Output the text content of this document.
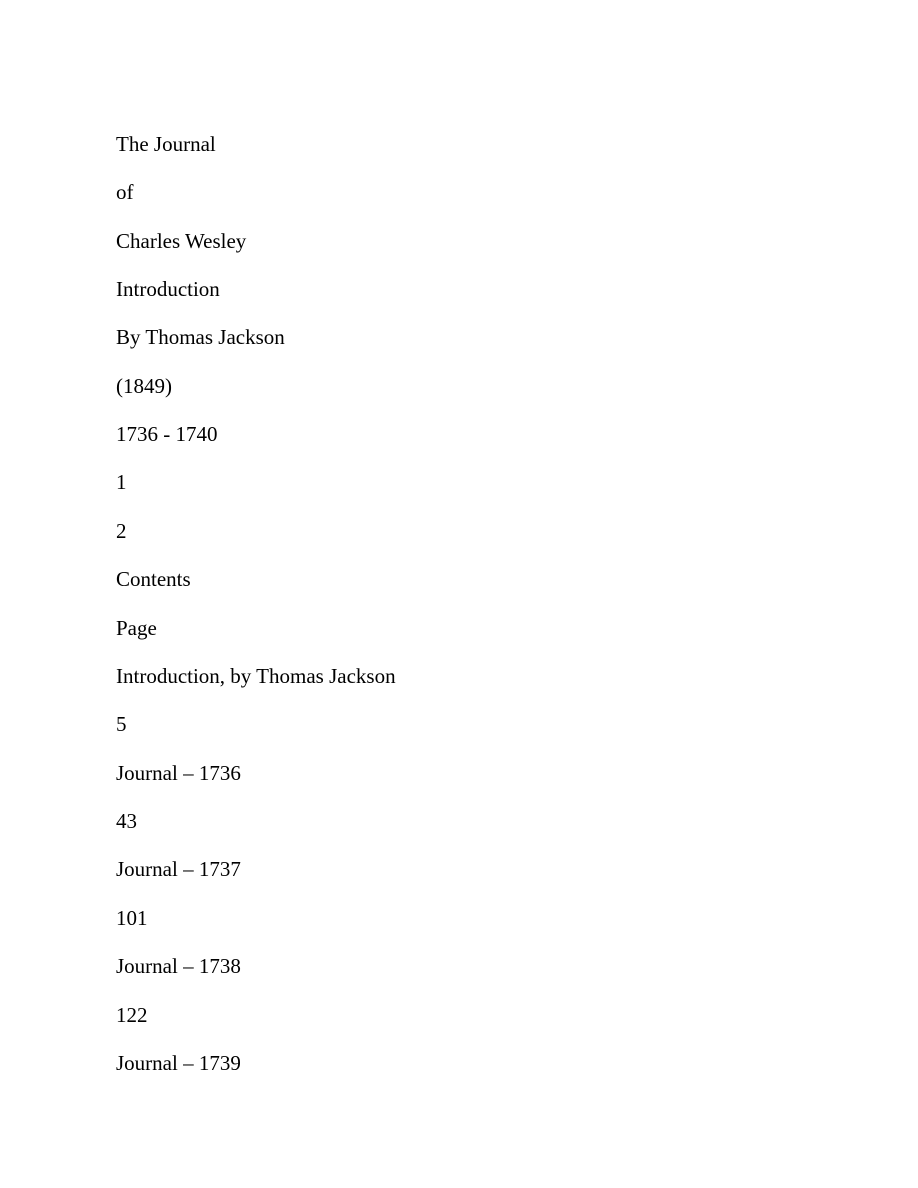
The Journal

of

Charles Wesley

Introduction

By Thomas Jackson

(1849)

1736 - 1740

1

2

Contents

Page

Introduction, by Thomas Jackson

5

Journal – 1736

43

Journal – 1737

101

Journal – 1738

122

Journal – 1739
